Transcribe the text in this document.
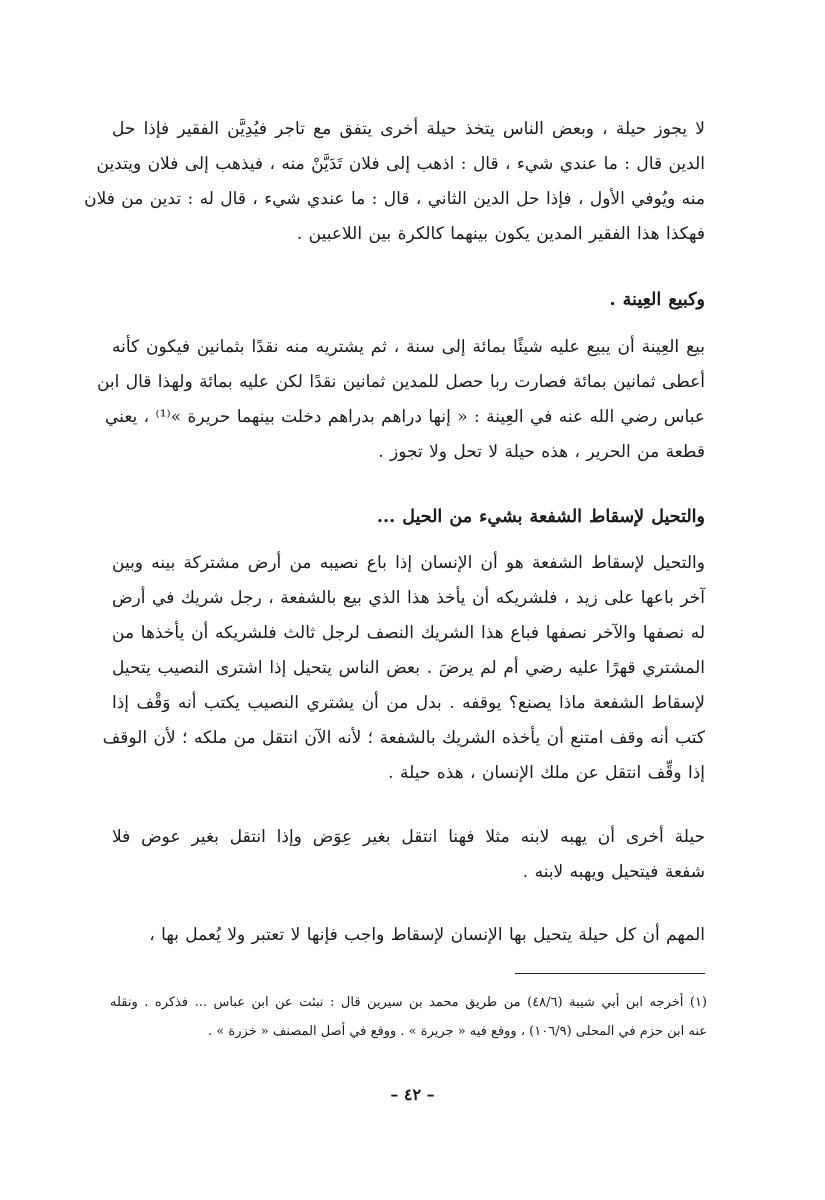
لا يجوز حيلة ، وبعض الناس يتخذ حيلة أخرى يتفق مع تاجر فيُدِيَّن الفقير فإذا حل
الدين قال : ما عندي شيء ، قال : اذهب إلى فلان تَدَيَّنْ منه ، فيذهب إلى فلان ويتدين
منه ويُوفي الأول ، فإذا حل الدين الثاني ، قال : ما عندي شيء ، قال له : تدين من فلان
فهكذا هذا الفقير المدين يكون بينهما كالكرة بين اللاعبين .
وكبيع العِينة .
بيع العِينة أن يبيع عليه شيئًا بمائة إلى سنة ، ثم يشتريه منه نقدًا بثمانين فيكون كأنه
أعطى ثمانين بمائة فصارت ربا حصل للمدين ثمانين نقدًا لكن عليه بمائة ولهذا قال ابن
عباس رضي الله عنه في العِينة : « إنها دراهم بدراهم دخلت بينهما حريرة »⁽¹⁾ ، يعني
قطعة من الحرير ، هذه حيلة لا تحل ولا تجوز .
والتحيل لإسقاط الشفعة بشيء من الحيل ...
والتحيل لإسقاط الشفعة هو أن الإنسان إذا باع نصيبه من أرض مشتركة بينه وبين
آخر باعها على زيد ، فلشريكه أن يأخذ هذا الذي بيع بالشفعة ، رجل شريك في أرض
له نصفها والآخر نصفها فباع هذا الشريك النصف لرجل ثالث فلشريكه أن يأخذها من
المشتري قهرًا عليه رضي أم لم يرضَ . بعض الناس يتحيل إذا اشترى النصيب يتحيل
لإسقاط الشفعة ماذا يصنع؟ يوقفه . بدل من أن يشتري النصيب يكتب أنه وَقْف إذا
كتب أنه وقف امتنع أن يأخذه الشريك بالشفعة ؛ لأنه الآن انتقل من ملكه ؛ لأن الوقف
إذا وقِّف انتقل عن ملك الإنسان ، هذه حيلة .
حيلة أخرى أن يهبه لابنه مثلا فهنا انتقل بغير عِوَض وإذا انتقل بغير عوض فلا
شفعة فيتحيل ويهبه لابنه .
المهم أن كل حيلة يتحيل بها الإنسان لإسقاط واجب فإنها لا تعتبر ولا يُعمل بها ،
(١) أخرجه ابن أبي شيبة (٤٨/٦) من طريق محمد بن سيرين قال : نبئت عن ابن عباس ... فذكره . ونقله
عنه ابن حزم في المحلى (١٠٦/٩) ، ووقع فيه « جريرة » . ووقع في أصل المصنف « خزرة » .
– ٤٢ –
